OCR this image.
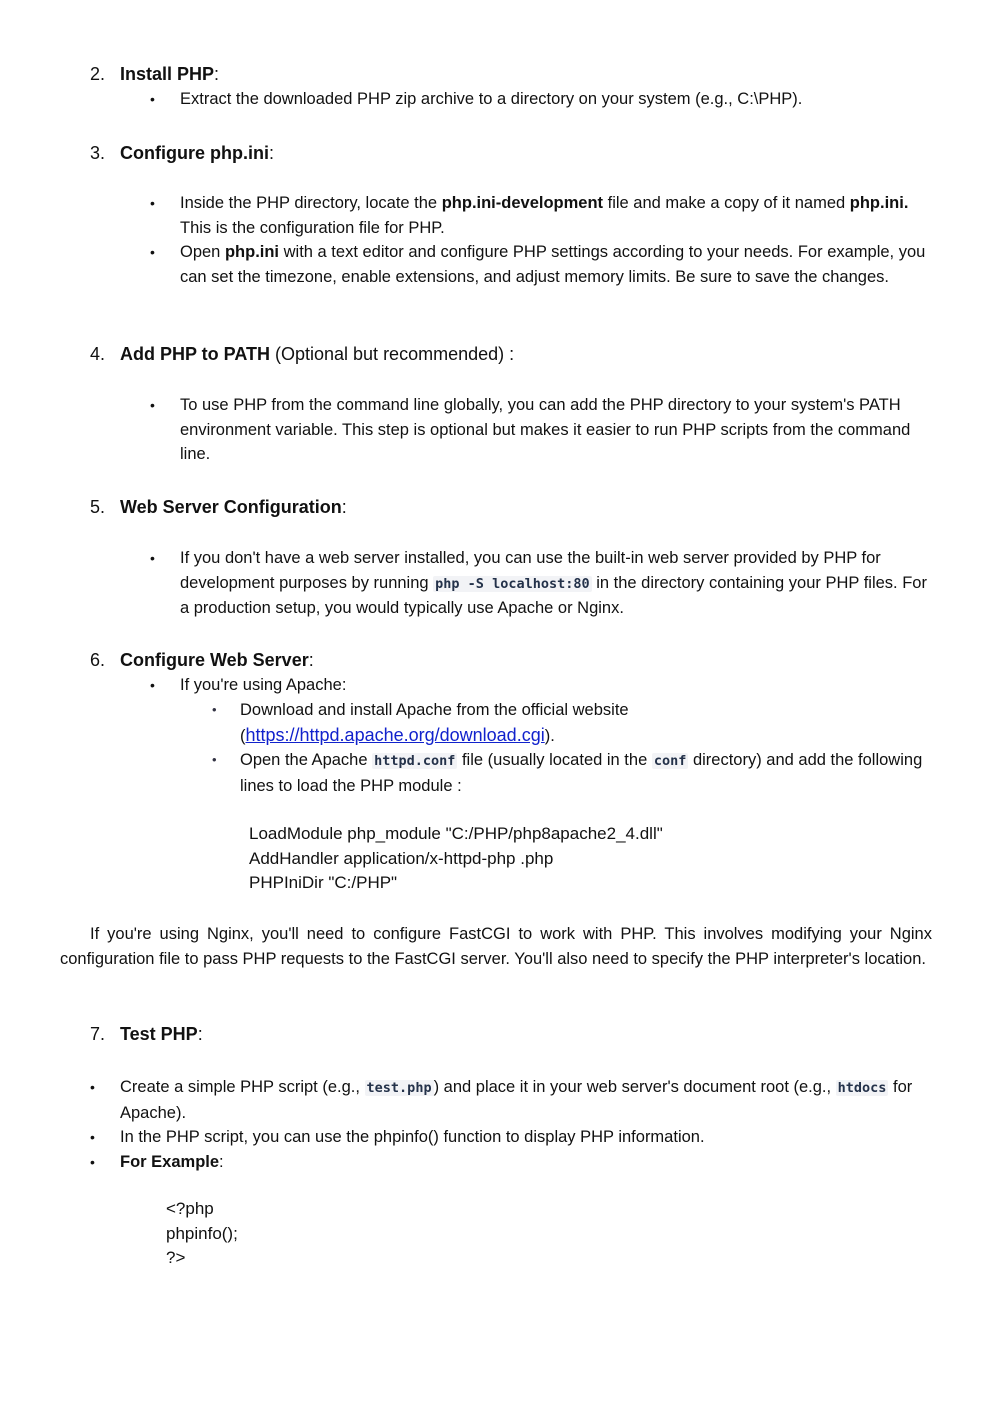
2. Install PHP:
• Extract the downloaded PHP zip archive to a directory on your system (e.g., C:\PHP).
3. Configure php.ini:
• Inside the PHP directory, locate the php.ini-development file and make a copy of it named php.ini. This is the configuration file for PHP.
• Open php.ini with a text editor and configure PHP settings according to your needs. For example, you can set the timezone, enable extensions, and adjust memory limits. Be sure to save the changes.
4. Add PHP to PATH (Optional but recommended) :
• To use PHP from the command line globally, you can add the PHP directory to your system's PATH environment variable. This step is optional but makes it easier to run PHP scripts from the command line.
5. Web Server Configuration:
• If you don't have a web server installed, you can use the built-in web server provided by PHP for development purposes by running php -S localhost:80 in the directory containing your PHP files. For a production setup, you would typically use Apache or Nginx.
6. Configure Web Server:
• If you're using Apache:
• Download and install Apache from the official website (https://httpd.apache.org/download.cgi).
• Open the Apache httpd.conf file (usually located in the conf directory) and add the following lines to load the PHP module :
LoadModule php_module "C:/PHP/php8apache2_4.dll"
AddHandler application/x-httpd-php .php
PHPIniDir "C:/PHP"
If you're using Nginx, you'll need to configure FastCGI to work with PHP. This involves modifying your Nginx configuration file to pass PHP requests to the FastCGI server. You'll also need to specify the PHP interpreter's location.
7. Test PHP:
• Create a simple PHP script (e.g., test.php ) and place it in your web server's document root (e.g., htdocs for Apache).
• In the PHP script, you can use the phpinfo() function to display PHP information.
• For Example:
<?php
phpinfo();
?>
